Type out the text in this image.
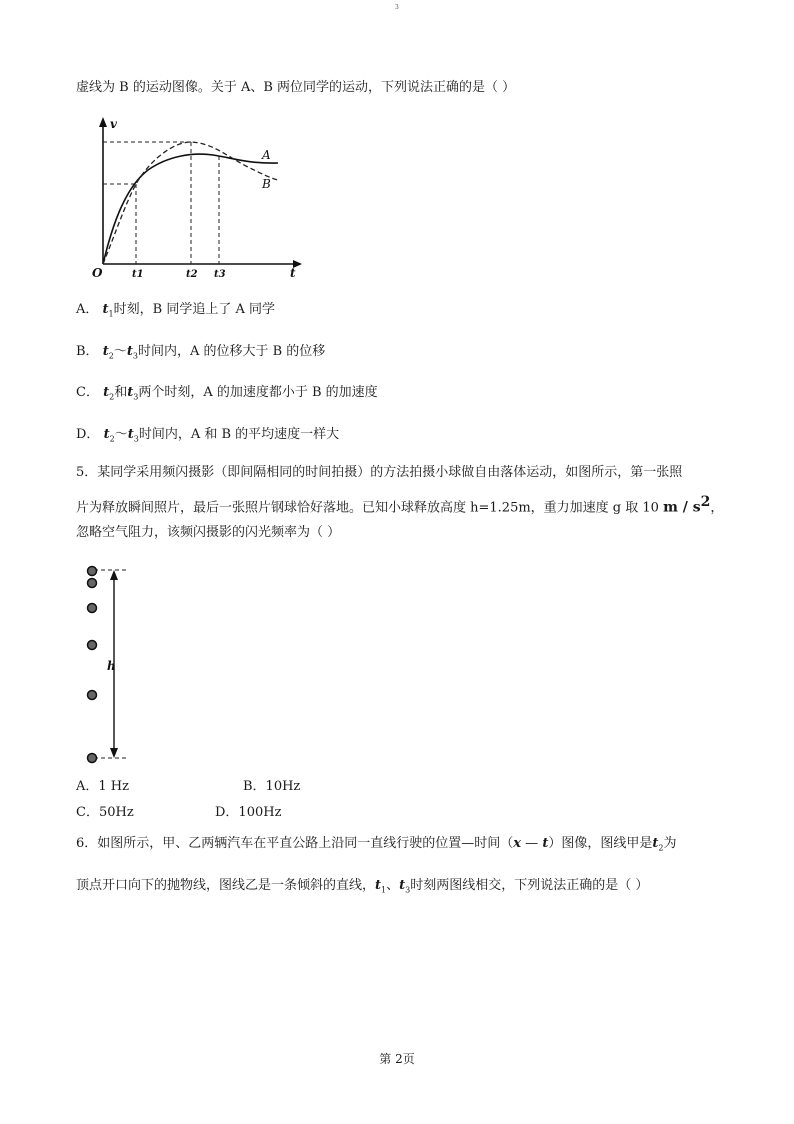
3
虚线为 B 的运动图像。关于 A、B 两位同学的运动，下列说法正确的是（ ）
v
t
O	t1	t2 t3
A
B
A． $t_1$时刻，B 同学追上了 A 同学
B． $t_2\sim t_3$时间内，A 的位移大于 B 的位移
C． $t_2$和$t_3$两个时刻，A 的加速度都小于 B 的加速度
D． $t_2\sim t_3$时间内，A 和 B 的平均速度一样大
5．某同学采用频闪摄影（即间隔相同的时间拍摄）的方法拍摄小球做自由落体运动，如图所示，第一张照
片为释放瞬间照片，最后一张照片钢球恰好落地。已知小球释放高度 h=1.25m，重力加速度 g 取 10 m / $s^2$，
忽略空气阻力，该频闪摄影的闪光频率为（ ）
h
A．1 Hz	B．10Hz
C．50Hz	D．100Hz
6．如图所示，甲、乙两辆汽车在平直公路上沿同一直线行驶的位置—时间（x — t）图像，图线甲是$t_2$为
顶点开口向下的抛物线，图线乙是一条倾斜的直线，$t_1$、$t_3$时刻两图线相交，下列说法正确的是（ ）
第 2页
